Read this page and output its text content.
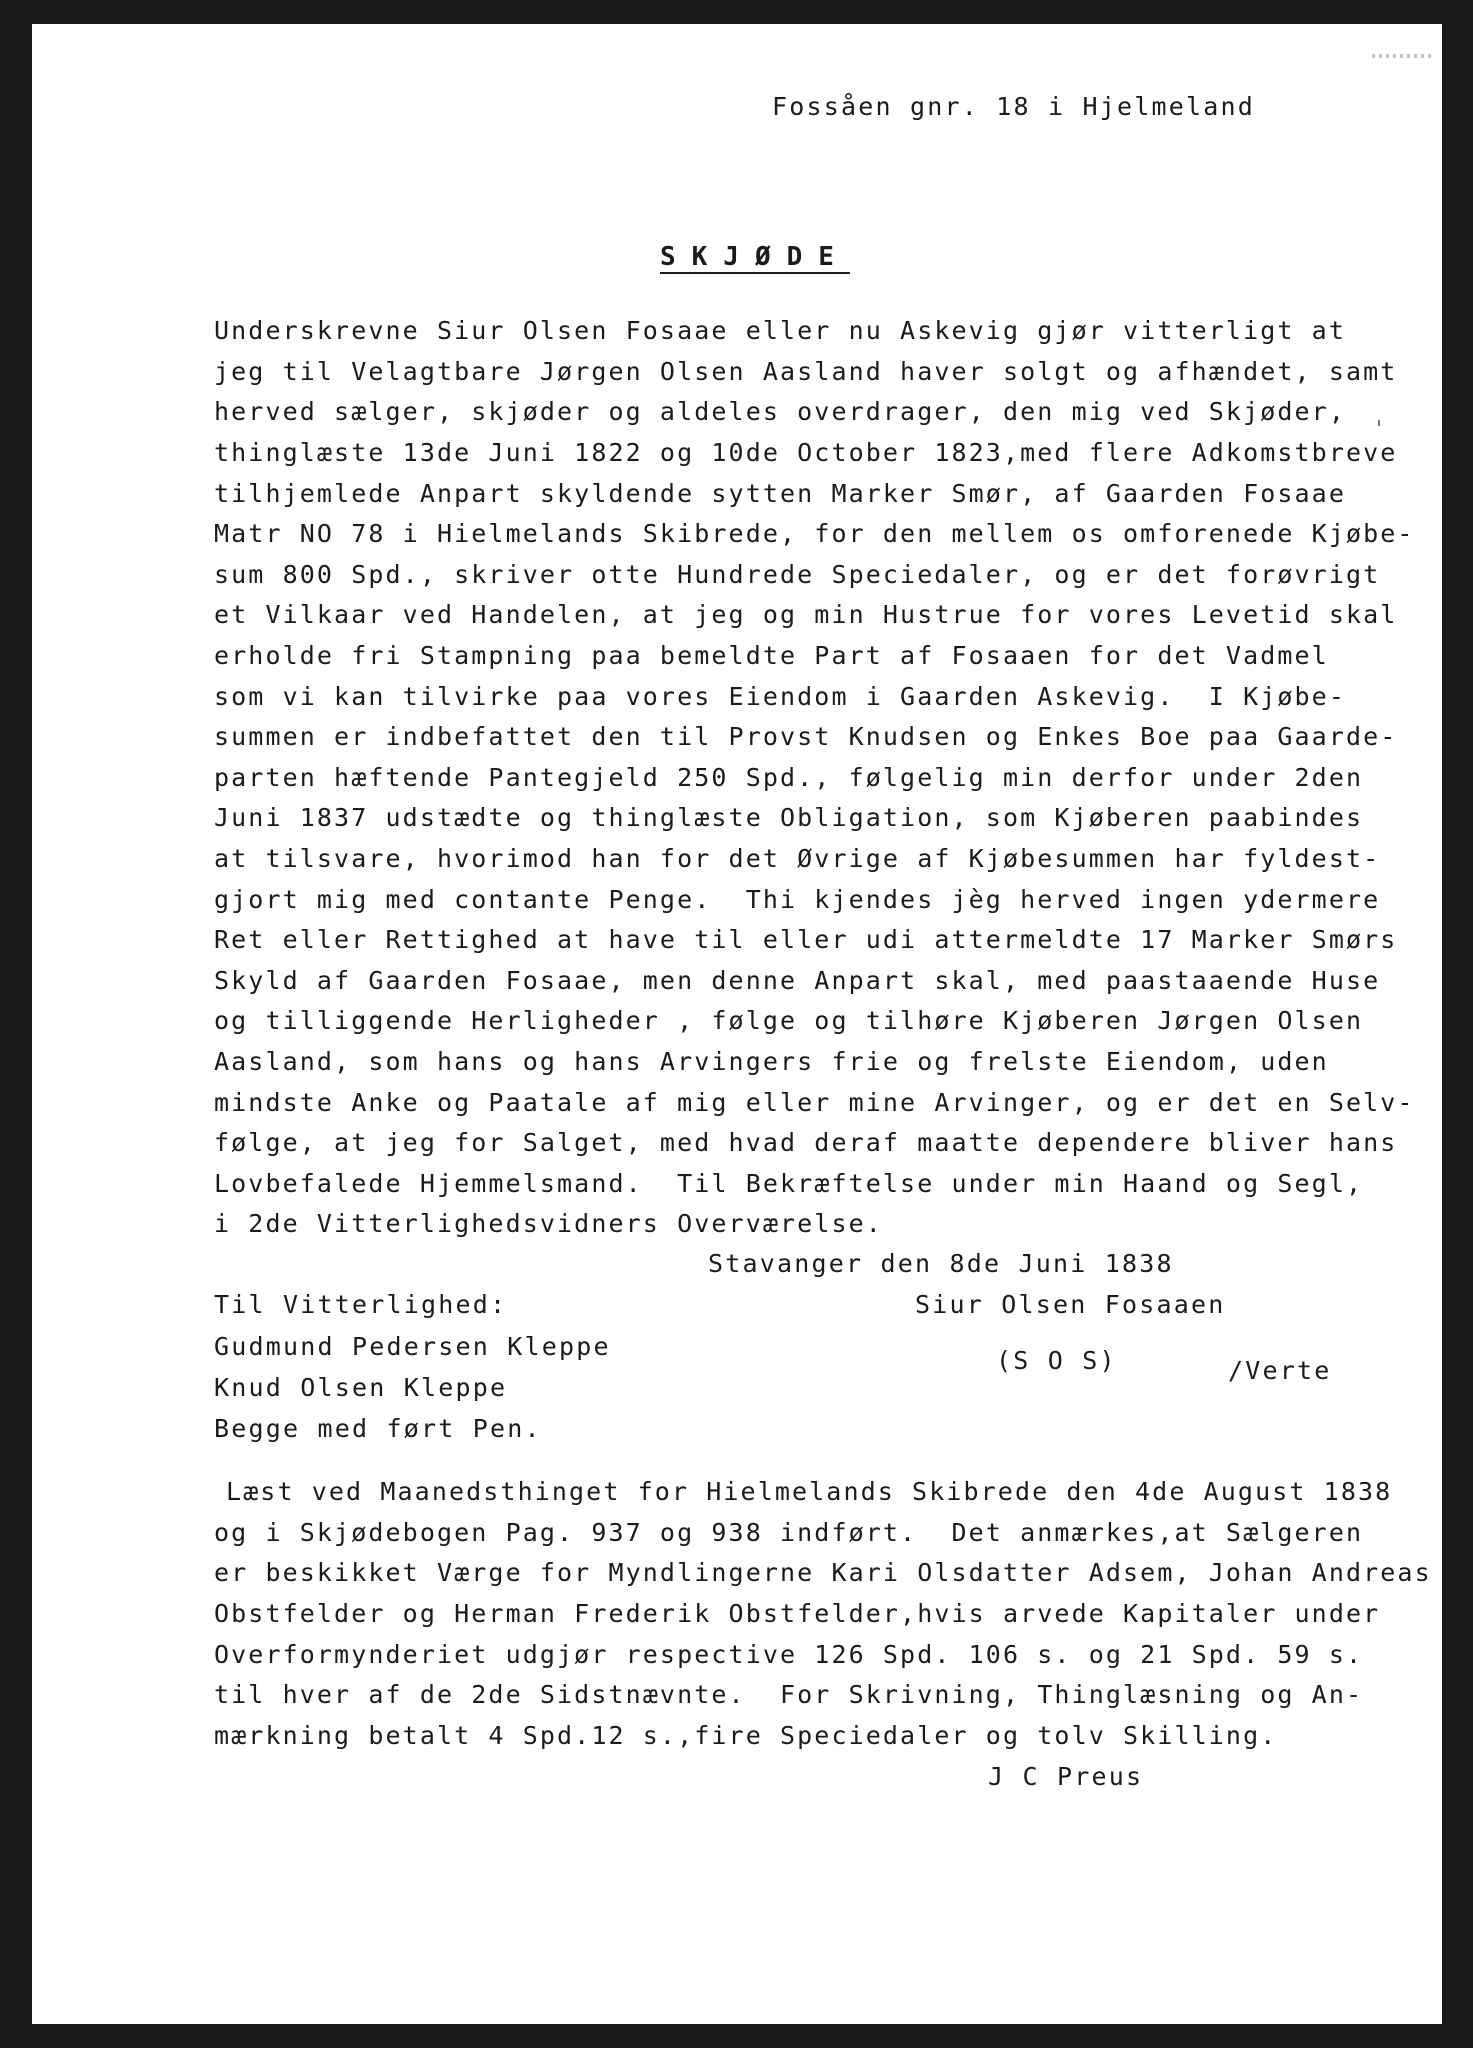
Fossåen gnr. 18 i Hjelmeland

SKJØDE

Underskrevne Siur Olsen Fosaae eller nu Askevig gjør vitterligt at

jeg til Velagtbare Jørgen Olsen Aasland haver solgt og afhændet, samt

herved sælger, skjøder og aldeles overdrager, den mig ved Skjøder,

thinglæste 13de Juni 1822 og 10de October 1823,med flere Adkomstbreve

tilhjemlede Anpart skyldende sytten Marker Smør, af Gaarden Fosaae

Matr NO 78 i Hielmelands Skibrede, for den mellem os omforenede Kjøbe-

sum 800 Spd., skriver otte Hundrede Speciedaler, og er det forøvrigt

et Vilkaar ved Handelen, at jeg og min Hustrue for vores Levetid skal

erholde fri Stampning paa bemeldte Part af Fosaaen for det Vadmel

som vi kan tilvirke paa vores Eiendom i Gaarden Askevig.  I Kjøbe-

summen er indbefattet den til Provst Knudsen og Enkes Boe paa Gaarde-

parten hæftende Pantegjeld 250 Spd., følgelig min derfor under 2den

Juni 1837 udstædte og thinglæste Obligation, som Kjøberen paabindes

at tilsvare, hvorimod han for det Øvrige af Kjøbesummen har fyldest-

gjort mig med contante Penge.  Thi kjendes jèg herved ingen ydermere

Ret eller Rettighed at have til eller udi attermeldte 17 Marker Smørs

Skyld af Gaarden Fosaae, men denne Anpart skal, med paastaaende Huse

og tilliggende Herligheder , følge og tilhøre Kjøberen Jørgen Olsen

Aasland, som hans og hans Arvingers frie og frelste Eiendom, uden

mindste Anke og Paatale af mig eller mine Arvinger, og er det en Selv-

følge, at jeg for Salget, med hvad deraf maatte dependere bliver hans

Lovbefalede Hjemmelsmand.  Til Bekræftelse under min Haand og Segl,

i 2de Vitterlighedsvidners Overværelse.

Stavanger den 8de Juni 1838

Til Vitterlighed:	Siur Olsen Fosaaen

Gudmund Pedersen Kleppe	(S O S)	/Verte

Knud Olsen Kleppe

Begge med ført Pen.

Læst ved Maanedsthinget for Hielmelands Skibrede den 4de August 1838

og i Skjødebogen Pag. 937 og 938 indført.  Det anmærkes,at Sælgeren

er beskikket Værge for Myndlingerne Kari Olsdatter Adsem, Johan Andreas

Obstfelder og Herman Frederik Obstfelder,hvis arvede Kapitaler under

Overformynderiet udgjør respective 126 Spd. 106 s. og 21 Spd. 59 s.

til hver af de 2de Sidstnævnte.  For Skrivning, Thinglæsning og An-

mærkning betalt 4 Spd.12 s.,fire Speciedaler og tolv Skilling.

J C Preus
